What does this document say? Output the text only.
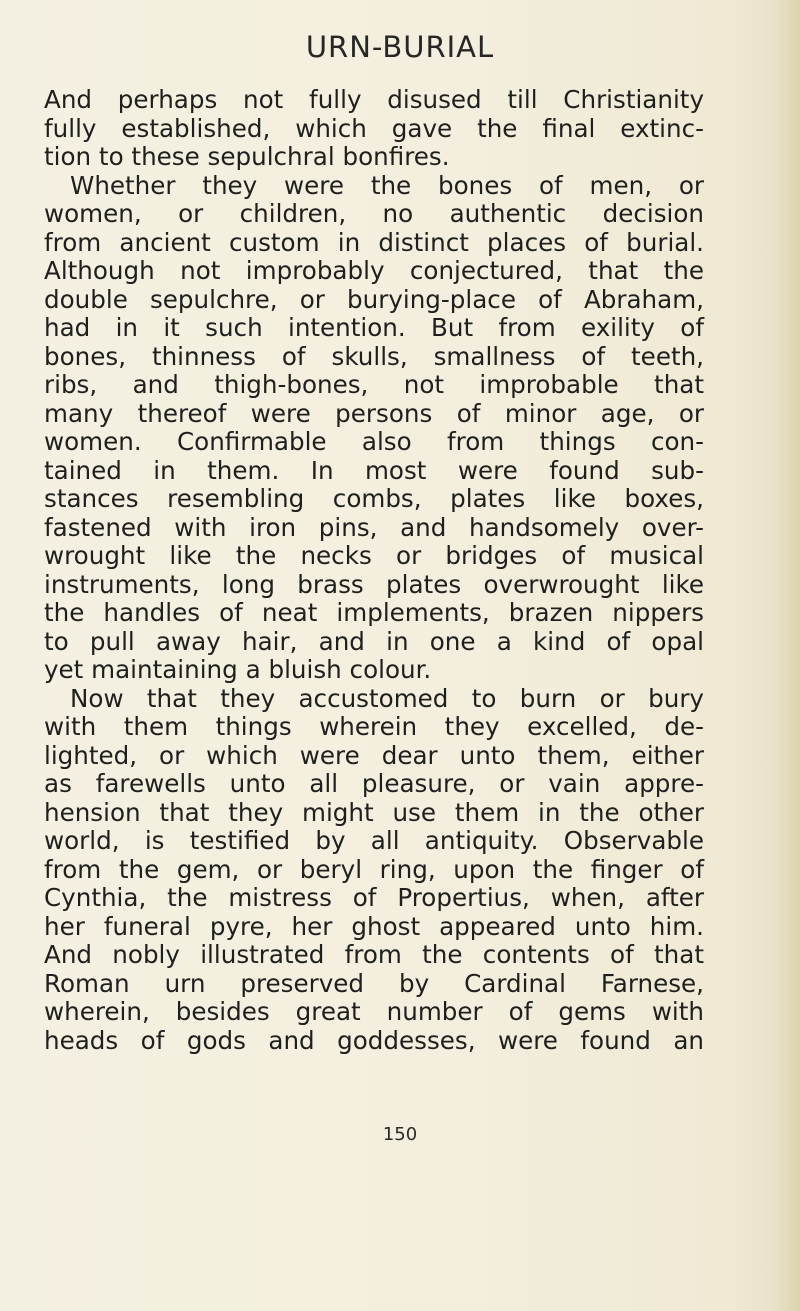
URN-BURIAL

And perhaps not fully disused till Christianity

fully established, which gave the final extinc-

tion to these sepulchral bonfires.

Whether they were the bones of men, or

women, or children, no authentic decision

from ancient custom in distinct places of burial.

Although not improbably conjectured, that the

double sepulchre, or burying-place of Abraham,

had in it such intention. But from exility of

bones, thinness of skulls, smallness of teeth,

ribs, and thigh-bones, not improbable that

many thereof were persons of minor age, or

women. Confirmable also from things con-

tained in them. In most were found sub-

stances resembling combs, plates like boxes,

fastened with iron pins, and handsomely over-

wrought like the necks or bridges of musical

instruments, long brass plates overwrought like

the handles of neat implements, brazen nippers

to pull away hair, and in one a kind of opal

yet maintaining a bluish colour.

Now that they accustomed to burn or bury

with them things wherein they excelled, de-

lighted, or which were dear unto them, either

as farewells unto all pleasure, or vain appre-

hension that they might use them in the other

world, is testified by all antiquity. Observable

from the gem, or beryl ring, upon the finger of

Cynthia, the mistress of Propertius, when, after

her funeral pyre, her ghost appeared unto him.

And nobly illustrated from the contents of that

Roman urn preserved by Cardinal Farnese,

wherein, besides great number of gems with

heads of gods and goddesses, were found an

150
